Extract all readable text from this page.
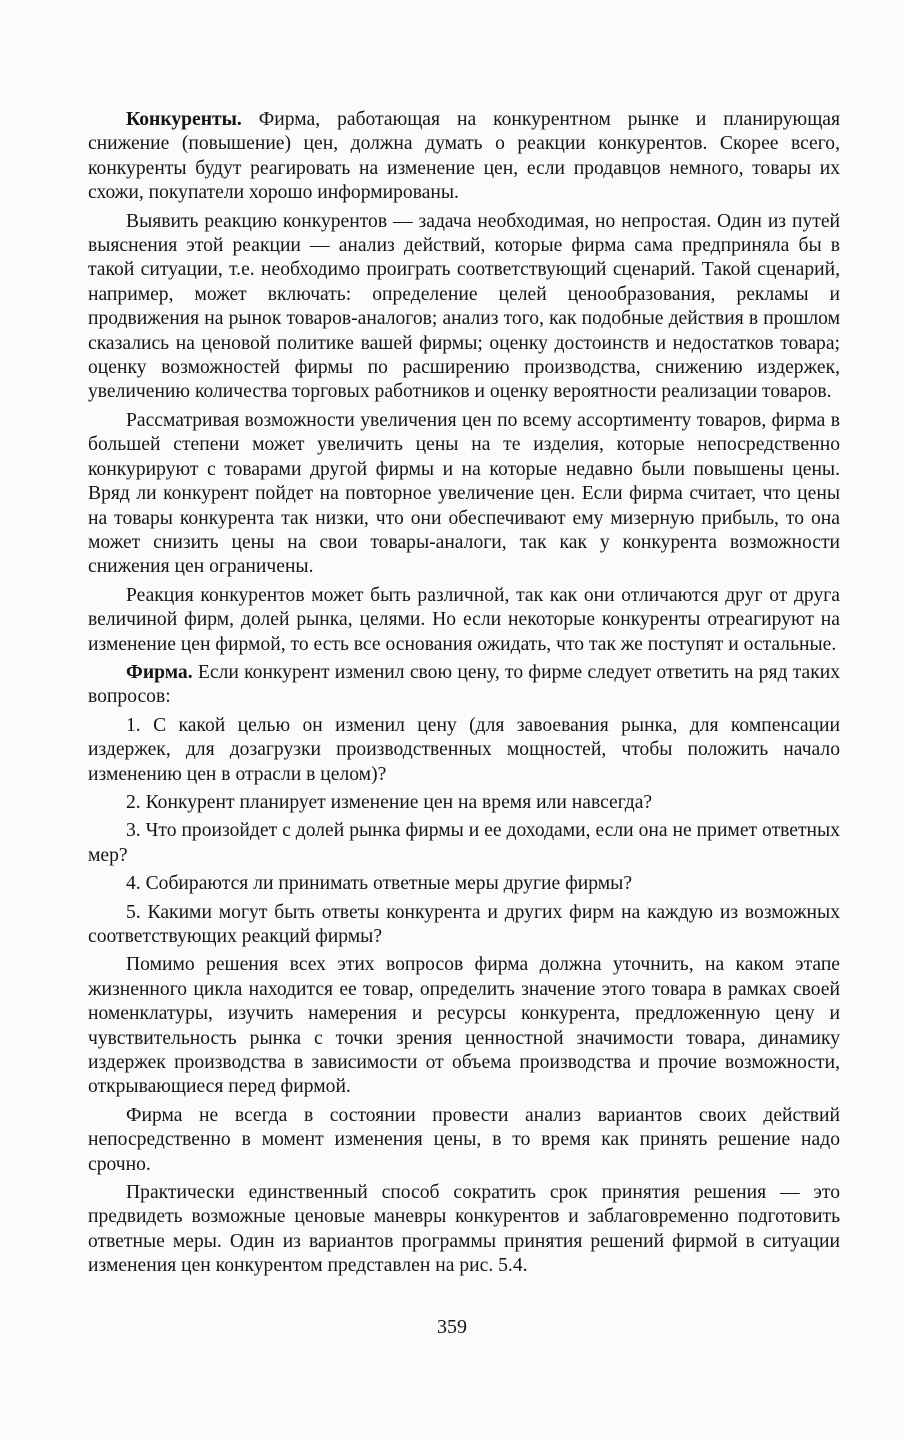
Конкуренты. Фирма, работающая на конкурентном рынке и планирующая снижение (повышение) цен, должна думать о реакции конкурентов. Скорее всего, конкуренты будут реагировать на изменение цен, если продавцов немного, товары их схожи, покупатели хорошо информированы.

Выявить реакцию конкурентов — задача необходимая, но непростая. Один из путей выяснения этой реакции — анализ действий, которые фирма сама предприняла бы в такой ситуации, т.е. необходимо проиграть соответствующий сценарий. Такой сценарий, например, может включать: определение целей ценообразования, рекламы и продвижения на рынок товаров-аналогов; анализ того, как подобные действия в прошлом сказались на ценовой политике вашей фирмы; оценку достоинств и недостатков товара; оценку возможностей фирмы по расширению производства, снижению издержек, увеличению количества торговых работников и оценку вероятности реализации товаров.

Рассматривая возможности увеличения цен по всему ассортименту товаров, фирма в большей степени может увеличить цены на те изделия, которые непосредственно конкурируют с товарами другой фирмы и на которые недавно были повышены цены. Вряд ли конкурент пойдет на повторное увеличение цен. Если фирма считает, что цены на товары конкурента так низки, что они обеспечивают ему мизерную прибыль, то она может снизить цены на свои товары-аналоги, так как у конкурента возможности снижения цен ограничены.

Реакция конкурентов может быть различной, так как они отличаются друг от друга величиной фирм, долей рынка, целями. Но если некоторые конкуренты отреагируют на изменение цен фирмой, то есть все основания ожидать, что так же поступят и остальные.

Фирма. Если конкурент изменил свою цену, то фирме следует ответить на ряд таких вопросов:

1. С какой целью он изменил цену (для завоевания рынка, для компенсации издержек, для дозагрузки производственных мощностей, чтобы положить начало изменению цен в отрасли в целом)?

2. Конкурент планирует изменение цен на время или навсегда?

3. Что произойдет с долей рынка фирмы и ее доходами, если она не примет ответных мер?

4. Собираются ли принимать ответные меры другие фирмы?

5. Какими могут быть ответы конкурента и других фирм на каждую из возможных соответствующих реакций фирмы?

Помимо решения всех этих вопросов фирма должна уточнить, на каком этапе жизненного цикла находится ее товар, определить значение этого товара в рамках своей номенклатуры, изучить намерения и ресурсы конкурента, предложенную цену и чувствительность рынка с точки зрения ценностной значимости товара, динамику издержек производства в зависимости от объема производства и прочие возможности, открывающиеся перед фирмой.

Фирма не всегда в состоянии провести анализ вариантов своих действий непосредственно в момент изменения цены, в то время как принять решение надо срочно.

Практически единственный способ сократить срок принятия решения — это предвидеть возможные ценовые маневры конкурентов и заблаговременно подготовить ответные меры. Один из вариантов программы принятия решений фирмой в ситуации изменения цен конкурентом представлен на рис. 5.4.

359
